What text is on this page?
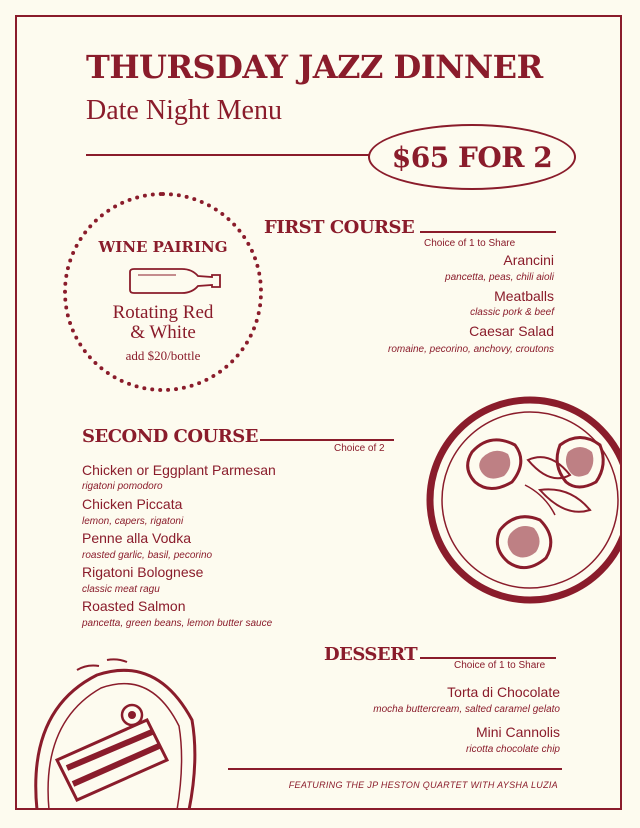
THURSDAY JAZZ DINNER
Date Night Menu
$65 FOR 2
WINE PAIRING
Rotating Red
& White
add $20/bottle
FIRST COURSE
Choice of 1 to Share
Arancini
pancetta, peas, chili aioli
Meatballs
classic pork & beef
Caesar Salad
romaine, pecorino, anchovy, croutons
SECOND COURSE
Choice of 2
Chicken or Eggplant Parmesan
rigatoni pomodoro
Chicken Piccata
lemon, capers, rigatoni
Penne alla Vodka
roasted garlic, basil, pecorino
Rigatoni Bolognese
classic meat ragu
Roasted Salmon
pancetta, green beans, lemon butter sauce
DESSERT
Choice of 1 to Share
Torta di Chocolate
mocha buttercream, salted caramel gelato
Mini Cannolis
ricotta chocolate chip
FEATURING THE JP HESTON QUARTET WITH AYSHA LUZIA
